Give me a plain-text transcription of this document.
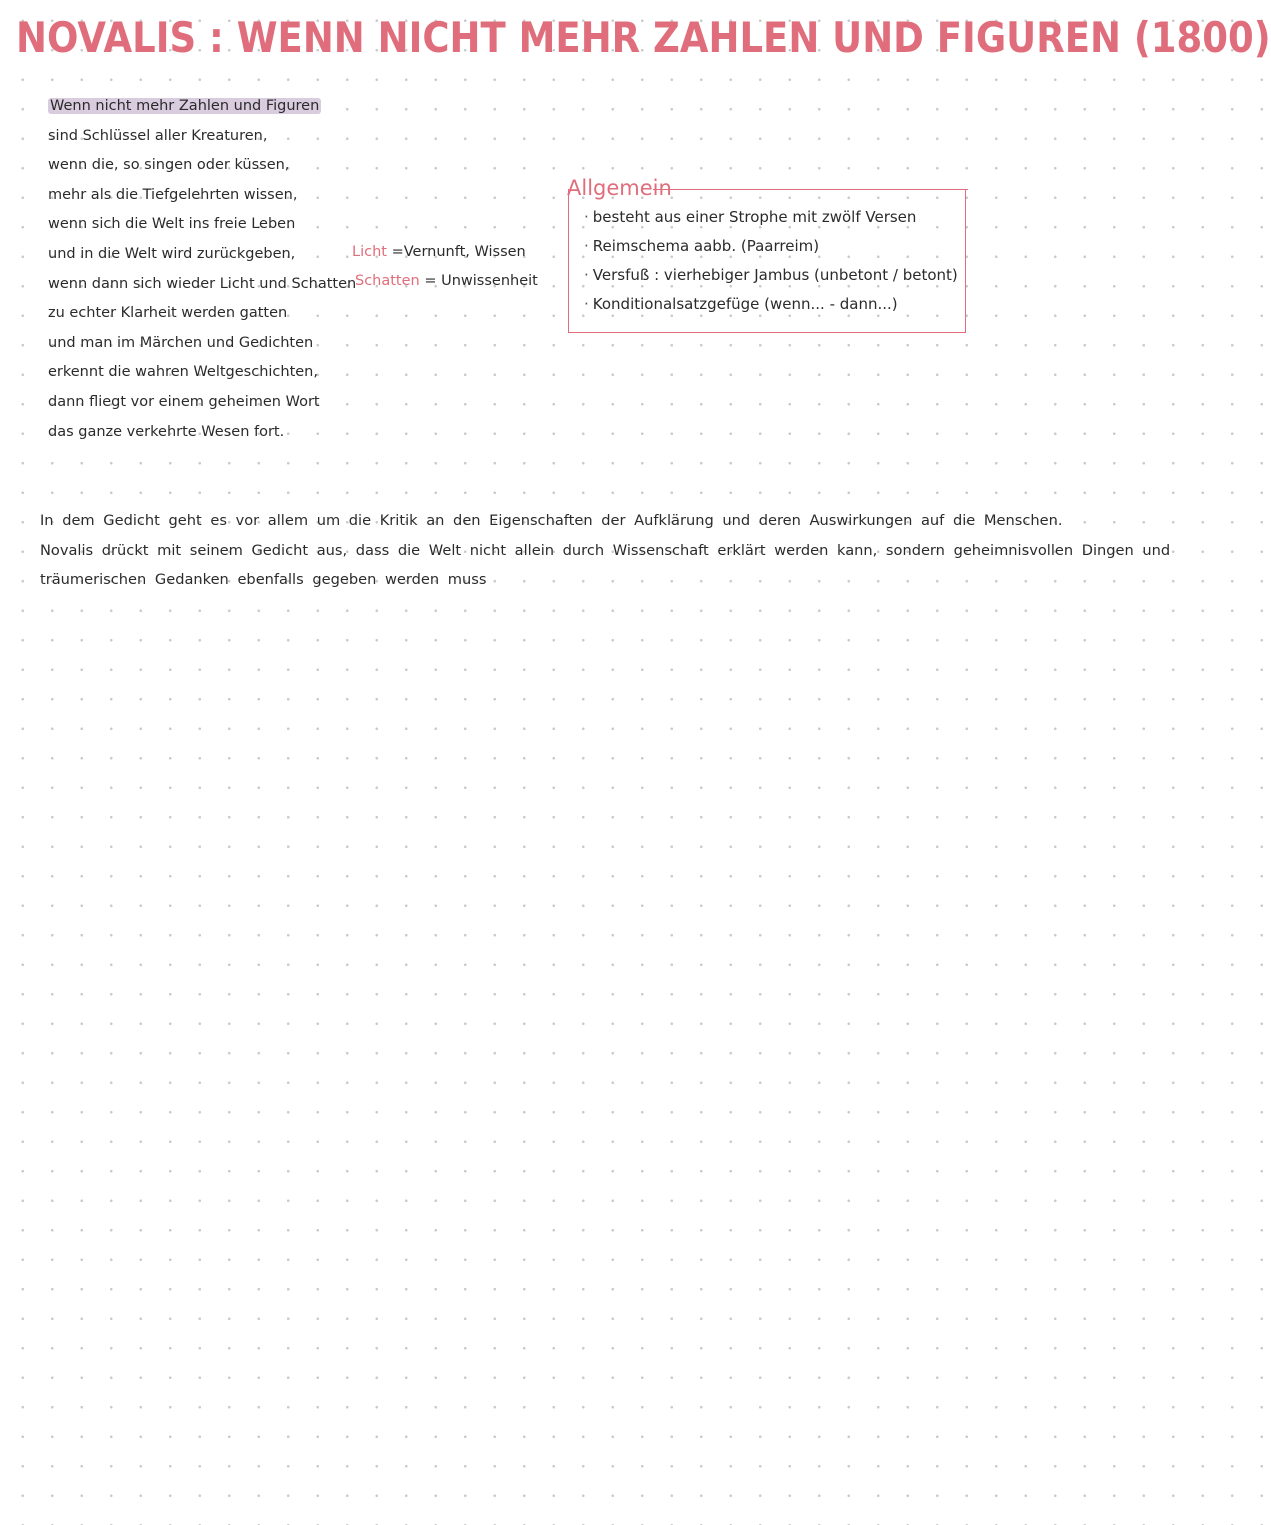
NOVALIS : WENN NICHT MEHR ZAHLEN UND FIGUREN (1800)
Wenn nicht mehr Zahlen und Figuren
sind Schlüssel aller Kreaturen,
wenn die, so singen oder küssen,
mehr als die Tiefgelehrten wissen,
wenn sich die Welt ins freie Leben
und in die Welt wird zurückgeben,
wenn dann sich wieder Licht und Schatten
zu echter Klarheit werden gatten
und man im Märchen und Gedichten
erkennt die wahren Weltgeschichten,
dann fliegt vor einem geheimen Wort
das ganze verkehrte Wesen fort.
Licht =Vernunft, Wissen
Schatten = Unwissenheit
Allgemein
· besteht aus einer Strophe mit zwölf Versen
· Reimschema aabb. (Paarreim)
· Versfuß : vierhebiger Jambus (unbetont / betont)
· Konditionalsatzgefüge (wenn... - dann...)
In dem Gedicht geht es vor allem um die Kritik an den Eigenschaften der Aufklärung und deren Auswirkungen auf die Menschen.
Novalis drückt mit seinem Gedicht aus, dass die Welt nicht allein durch Wissenschaft erklärt werden kann, sondern geheimnisvollen Dingen und
träumerischen Gedanken ebenfalls gegeben werden muss
